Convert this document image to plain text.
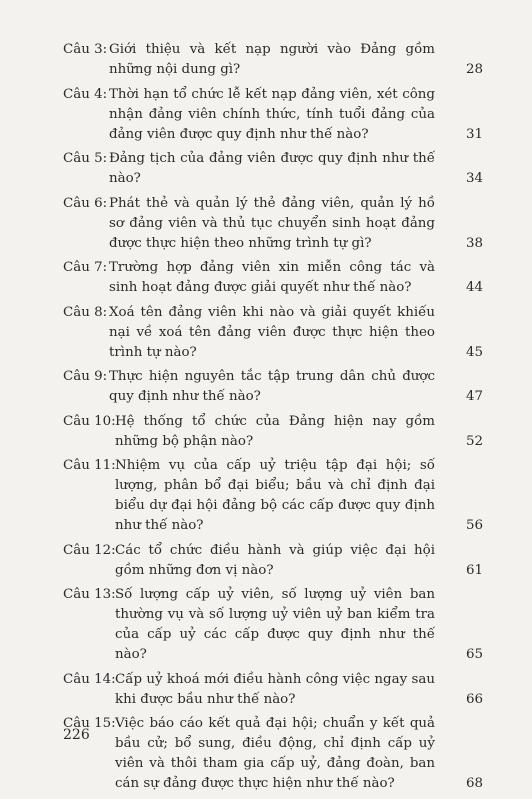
Câu 3: Giới thiệu và kết nạp người vào Đảng gồm những nội dung gì?	28
Câu 4: Thời hạn tổ chức lễ kết nạp đảng viên, xét công nhận đảng viên chính thức, tính tuổi đảng của đảng viên được quy định như thế nào?	31
Câu 5: Đảng tịch của đảng viên được quy định như thế nào?	34
Câu 6: Phát thẻ và quản lý thẻ đảng viên, quản lý hồ sơ đảng viên và thủ tục chuyển sinh hoạt đảng được thực hiện theo những trình tự gì?	38
Câu 7: Trường hợp đảng viên xin miễn công tác và sinh hoạt đảng được giải quyết như thế nào?	44
Câu 8: Xoá tên đảng viên khi nào và giải quyết khiếu nại về xoá tên đảng viên được thực hiện theo trình tự nào?	45
Câu 9: Thực hiện nguyên tắc tập trung dân chủ được quy định như thế nào?	47
Câu 10: Hệ thống tổ chức của Đảng hiện nay gồm những bộ phận nào?	52
Câu 11: Nhiệm vụ của cấp uỷ triệu tập đại hội; số lượng, phân bổ đại biểu; bầu và chỉ định đại biểu dự đại hội đảng bộ các cấp được quy định như thế nào?	56
Câu 12: Các tổ chức điều hành và giúp việc đại hội gồm những đơn vị nào?	61
Câu 13: Số lượng cấp uỷ viên, số lượng uỷ viên ban thường vụ và số lượng uỷ viên uỷ ban kiểm tra của cấp uỷ các cấp được quy định như thế nào?	65
Câu 14: Cấp uỷ khoá mới điều hành công việc ngay sau khi được bầu như thế nào?	66
Câu 15: Việc báo cáo kết quả đại hội; chuẩn y kết quả bầu cử; bổ sung, điều động, chỉ định cấp uỷ viên và thôi tham gia cấp uỷ, đảng đoàn, ban cán sự đảng được thực hiện như thế nào?	68
226
